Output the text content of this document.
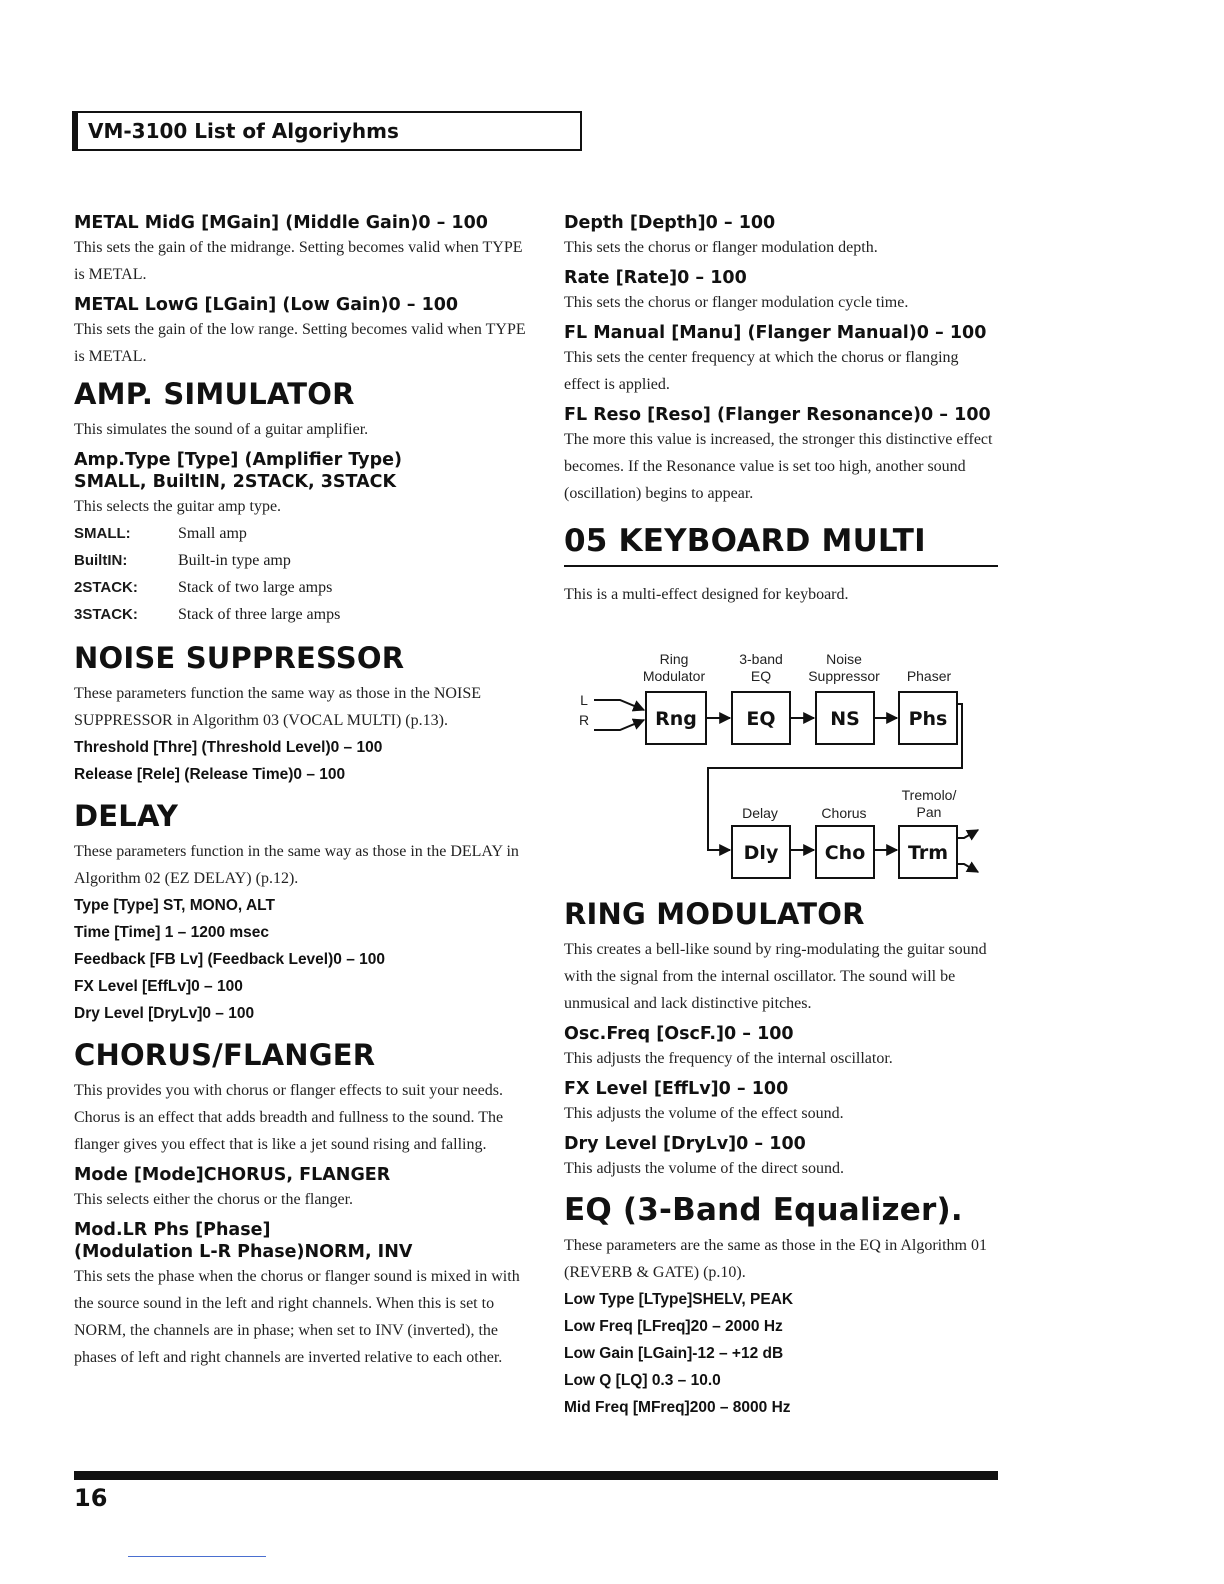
VM-3100 List of Algoriyhms

METAL MidG [MGain] (Middle Gain)0 – 100

This sets the gain of the midrange. Setting becomes valid when TYPE is METAL.

METAL LowG [LGain] (Low Gain)0 – 100

This sets the gain of the low range. Setting becomes valid when TYPE is METAL.

AMP. SIMULATOR

This simulates the sound of a guitar amplifier.

Amp.Type [Type] (Amplifier Type)

SMALL, BuiltIN, 2STACK, 3STACK

This selects the guitar amp type.

SMALL:	Small amp
BuiltIN:	Built-in type amp
2STACK:	Stack of two large amps
3STACK:	Stack of three large amps
NOISE SUPPRESSOR

These parameters function the same way as those in the NOISE SUPPRESSOR in Algorithm 03 (VOCAL MULTI) (p.13).

Threshold [Thre] (Threshold Level)0 – 100

Release [Rele] (Release Time)0 – 100

DELAY

These parameters function in the same way as those in the DELAY in Algorithm 02 (EZ DELAY) (p.12).

Type [Type] ST, MONO, ALT

Time [Time] 1 – 1200 msec

Feedback [FB Lv] (Feedback Level)0 – 100

FX Level [EffLv]0 – 100

Dry Level [DryLv]0 – 100

CHORUS/FLANGER

This provides you with chorus or flanger effects to suit your needs. Chorus is an effect that adds breadth and fullness to the sound. The flanger gives you effect that is like a jet sound rising and falling.

Mode [Mode]CHORUS, FLANGER

This selects either the chorus or the flanger.

Mod.LR Phs [Phase]

(Modulation L-R Phase)NORM, INV

This sets the phase when the chorus or flanger sound is mixed in with the source sound in the left and right channels. When this is set to NORM, the channels are in phase; when set to INV (inverted), the phases of left and right channels are inverted relative to each other.

Depth [Depth]0 – 100

This sets the chorus or flanger modulation depth.

Rate [Rate]0 – 100

This sets the chorus or flanger modulation cycle time.

FL Manual [Manu] (Flanger Manual)0 – 100

This sets the center frequency at which the chorus or flanging effect is applied.

FL Reso [Reso] (Flanger Resonance)0 – 100

The more this value is increased, the stronger this distinctive effect becomes. If the Resonance value is set too high, another sound (oscillation) begins to appear.

05 KEYBOARD MULTI

This is a multi-effect designed for keyboard.

Ring
Modulator
3-band
EQ
Noise
Suppressor Phaser
Delay	Chorus
Tremolo/
Pan
L
R	Rng	EQ	NS	Phs
Dly Cho Trm
RING MODULATOR

This creates a bell-like sound by ring-modulating the guitar sound with the signal from the internal oscillator. The sound will be unmusical and lack distinctive pitches.

Osc.Freq [OscF.]0 – 100

This adjusts the frequency of the internal oscillator.

FX Level [EffLv]0 – 100

This adjusts the volume of the effect sound.

Dry Level [DryLv]0 – 100

This adjusts the volume of the direct sound.

EQ (3-Band Equalizer).

These parameters are the same as those in the EQ in Algorithm 01 (REVERB & GATE) (p.10).

Low Type [LType]SHELV, PEAK

Low Freq [LFreq]20 – 2000 Hz

Low Gain [LGain]-12 – +12 dB

Low Q [LQ] 0.3 – 10.0

Mid Freq [MFreq]200 – 8000 Hz

16
